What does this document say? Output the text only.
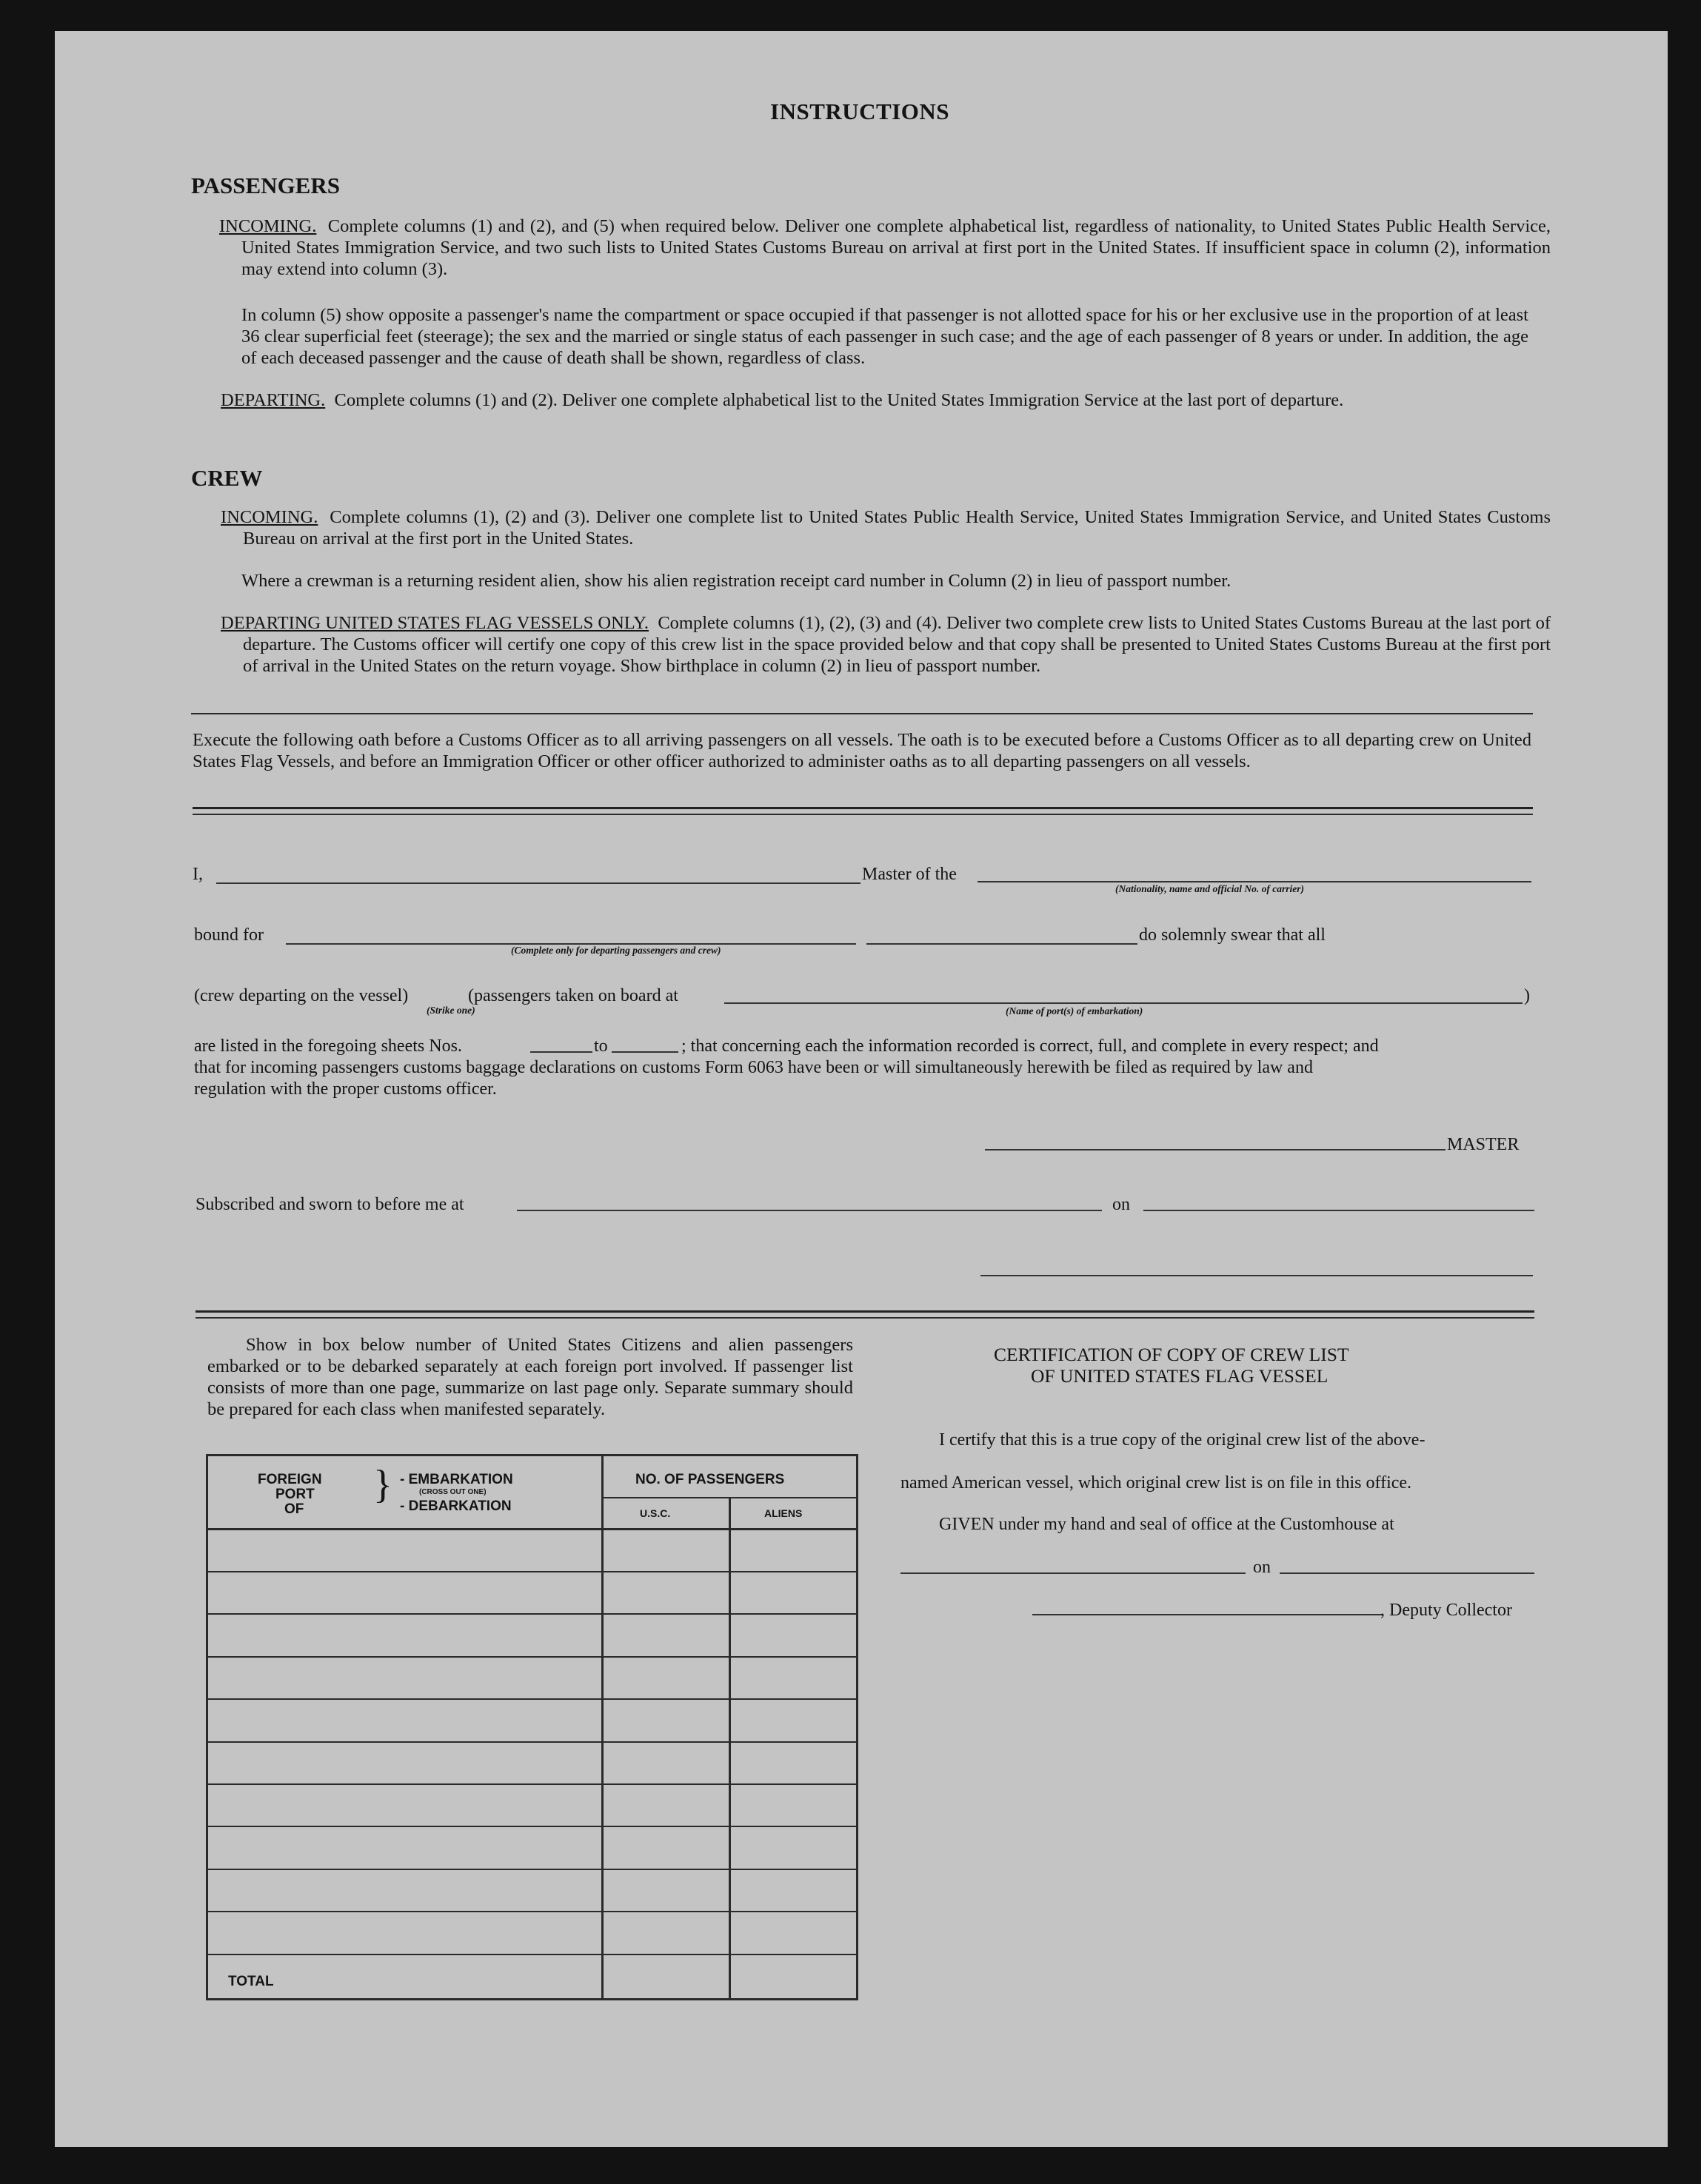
INSTRUCTIONS
PASSENGERS
INCOMING. Complete columns (1) and (2), and (5) when required below. Deliver one complete alphabetical list, regardless of nationality, to United States Public Health Service, United States Immigration Service, and two such lists to United States Customs Bureau on arrival at first port in the United States. If insufficient space in column (2), information may extend into column (3).
In column (5) show opposite a passenger's name the compartment or space occupied if that passenger is not allotted space for his or her exclusive use in the proportion of at least 36 clear superficial feet (steerage); the sex and the married or single status of each passenger in such case; and the age of each passenger of 8 years or under. In addition, the age of each deceased passenger and the cause of death shall be shown, regardless of class.
DEPARTING. Complete columns (1) and (2). Deliver one complete alphabetical list to the United States Immigration Service at the last port of departure.
CREW
INCOMING. Complete columns (1), (2) and (3). Deliver one complete list to United States Public Health Service, United States Immigration Service, and United States Customs Bureau on arrival at the first port in the United States.
Where a crewman is a returning resident alien, show his alien registration receipt card number in Column (2) in lieu of passport number.
DEPARTING UNITED STATES FLAG VESSELS ONLY. Complete columns (1), (2), (3) and (4). Deliver two complete crew lists to United States Customs Bureau at the last port of departure. The Customs officer will certify one copy of this crew list in the space provided below and that copy shall be presented to United States Customs Bureau at the first port of arrival in the United States on the return voyage. Show birthplace in column (2) in lieu of passport number.
Execute the following oath before a Customs Officer as to all arriving passengers on all vessels. The oath is to be executed before a Customs Officer as to all departing crew on United States Flag Vessels, and before an Immigration Officer or other officer authorized to administer oaths as to all departing passengers on all vessels.
I,	Master of the
(Nationality, name and official No. of carrier)
bound for
(Complete only for departing passengers and crew)
do solemnly swear that all
(crew departing on the vessel)
(Strike one)
(passengers taken on board at
(Name of port(s) of embarkation)
)
are listed in the foregoing sheets Nos.	to	; that concerning each the information recorded is correct, full, and complete in every respect; and
that for incoming passengers customs baggage declarations on customs Form 6063 have been or will simultaneously herewith be filed as required by law and
regulation with the proper customs officer.
MASTER
Subscribed and sworn to before me at	on
Show in box below number of United States Citizens and alien passengers embarked or to be debarked separately at each foreign port involved. If passenger list consists of more than one page, summarize on last page only. Separate summary should be prepared for each class when manifested separately.
FOREIGN
PORT
OF
} - EMBARKATION
(CROSS OUT ONE)
- DEBARKATION
NO. OF PASSENGERS
U.S.C.	ALIENS
TOTAL
CERTIFICATION OF COPY OF CREW LIST
OF UNITED STATES FLAG VESSEL
I certify that this is a true copy of the original crew list of the above-
named American vessel, which original crew list is on file in this office.
GIVEN under my hand and seal of office at the Customhouse at
on
, Deputy Collector
